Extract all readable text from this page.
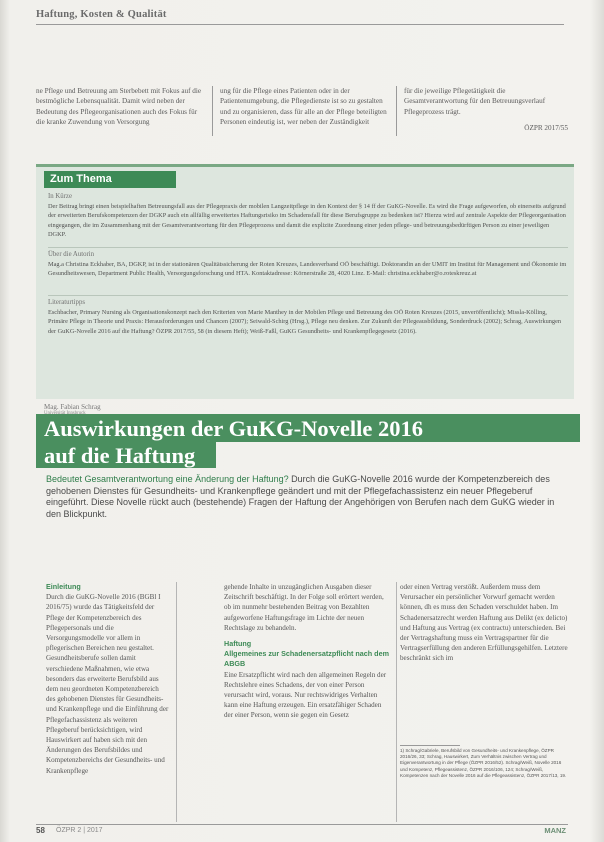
Haftung, Kosten & Qualität

ne Pflege und Betreuung am Sterbebett mit Fokus auf die bestmögliche Lebensqualität. Damit wird neben der Bedeutung des Pflegeorganisationen auch des Fokus für die kranke Zuwendung von Versorgung

ung für die Pflege eines Patienten oder in der Patientenumgebung, die Pflegedienste ist so zu gestalten und zu organisieren, dass für alle an der Pflege beteiligten Personen eindeutig ist, wer neben der Zuständigkeit

für die jeweilige Pflegetätigkeit die Gesamtverantwortung für den Betreuungsverlauf Pflegeprozess trägt.

ÖZPR 2017/55
Zum Thema
In Kürze
Der Beitrag bringt einen beispielhaften Betreuungsfall aus der Pflegepraxis der mobilen Langzeitpflege in den Kontext der § 14 ff der GuKG-Novelle. Es wird die Frage aufgeworfen, ob einerseits aufgrund der erweiterten Berufskompetenzen der DGKP auch ein allfällig erweitertes Haftungsrisiko im Schadensfall für diese Berufsgruppe zu bedenken ist? Hierzu wird auf zentrale Aspekte der Pflegeorganisation eingegangen, die im Zusammenhang mit der Gesamtverantwortung für den Pflegeprozess und damit die explizite Zuordnung einer jeden pflege- und betreuungsbedürftigen Person zu einer jeweiligen DGKP.
Über die Autorin
Mag.a Christina Eckhaber, BA, DGKP, ist in der stationären Qualitätssicherung der Roten Kreuzes, Landesverband OÖ beschäftigt. Doktorandin an der UMIT im Institut für Management und Ökonomie im Gesundheitswesen, Department Public Health, Versorgungsforschung und HTA. Kontaktadresse: Körnerstraße 28, 4020 Linz. E-Mail: christina.eckhaber@o.roteskreuz.at
Literaturtipps
Eschbacher, Primary Nursing als Organisationskonzept nach den Kriterien von Marie Manthey in der Mobilen Pflege und Betreuung des OÖ Roten Kreuzes (2015, unveröffentlicht); Missla-Kölling, Primäre Pflege in Theorie und Praxis: Herausforderungen und Chancen (2007); Seiwald-Schirg (Hrsg.), Pflege neu denken. Zur Zukunft der Pflegeausbildung, Sonderdruck (2002); Schrag, Auswirkungen der GuKG-Novelle 2016 auf die Haftung? ÖZPR 2017/55, 58 (in diesem Heft); Weiß-Faßl, GuKG Gesundheits- und Krankenpflegegesetz (2016).
Mag. Fabian Schrag
Auswirkungen der GuKG-Novelle 2016
auf die Haftung
Bedeutet Gesamtverantwortung eine Änderung der Haftung? Durch die GuKG-Novelle 2016 wurde der Kompetenzbereich des gehobenen Dienstes für Gesundheits- und Krankenpflege geändert und mit der Pflegefachassistenz ein neuer Pflegeberuf eingeführt. Diese Novelle rückt auch (bestehende) Fragen der Haftung der Angehörigen von Berufen nach dem GuKG wieder in den Blickpunkt.
Einleitung
Durch die GuKG-Novelle 2016 (BGBl I 2016/75) wurde das Tätigkeitsfeld der Pflege der Kompetenzbereich des Pflegepersonals und die Versorgungsmodelle vor allem in pflegerischen Bereichen neu gestaltet. Gesundheitsberufe sollen damit verschiedene Maßnahmen, wie etwa besonders das erweiterte Berufsbild aus dem neu geordneten Kompetenzbereich des gehobenen Dienstes für Gesundheits- und Krankenpflege und die Einführung der Pflegefachassistenz als weiteren Pflegeberuf berücksichtigen, wird Hauswirkert auf haben sich mit den Änderungen des Berufsbildes und Kompetenzbereichs der Gesundheits- und Krankenpflege
gehende Inhalte in unzugänglichen Ausgaben dieser Zeitschrift beschäftigt. In der Folge soll erörtert werden, ob im nunmehr bestehenden Beitrag von Bezahlten aufgeworfene Haftungsfrage im Lichte der neuen Rechtslage zu behandeln.
Haftung
Allgemeines zur Schadenersatzpflicht nach dem ABGB
Eine Ersatzpflicht wird nach den allgemeinen Regeln der Rechtslehre eines Schadens, der von einer Person verursacht wird, voraus. Nur rechtswidriges Verhalten kann eine Haftung erzeugen. Ein ersatzfähiger Schaden der einer Person, wenn sie gegen ein Gesetz
oder einen Vertrag verstößt. Außerdem muss dem Verursacher ein persönlicher Vorwurf gemacht werden können, dh es muss den Schaden verschuldet haben. Im Schadenersatzrecht werden Haftung aus Delikt (ex delicto) und Haftung aus Vertrag (ex contractu) unterschieden. Bei der Vertragshaftung muss ein Vertragspartner für die Vertragserfüllung den anderen Erfüllungsgehilfen. Letztere beschränkt sich im
1) Schrag/Gabriele, Berufsbild von Gesundheits- und Krankenpflege, ÖZPR 2016/26, 33; Schrag, Hauswirkert, Zum Verhältnis zwischen Vertrag und Eigenverantwortung in der Pflege (ÖZPR 2016/52). Schrag/Weiß, Novelle 2016 und Kompetenz, Pflegeassistenz, ÖZPR 2016/106, 124; Schrag/Weiß, Kompetenzen nach der Novelle 2016 auf die Pflegeassistenz, ÖZPR 2017/13, 19.
58 ÖZPR 2 | 2017	MANZ
